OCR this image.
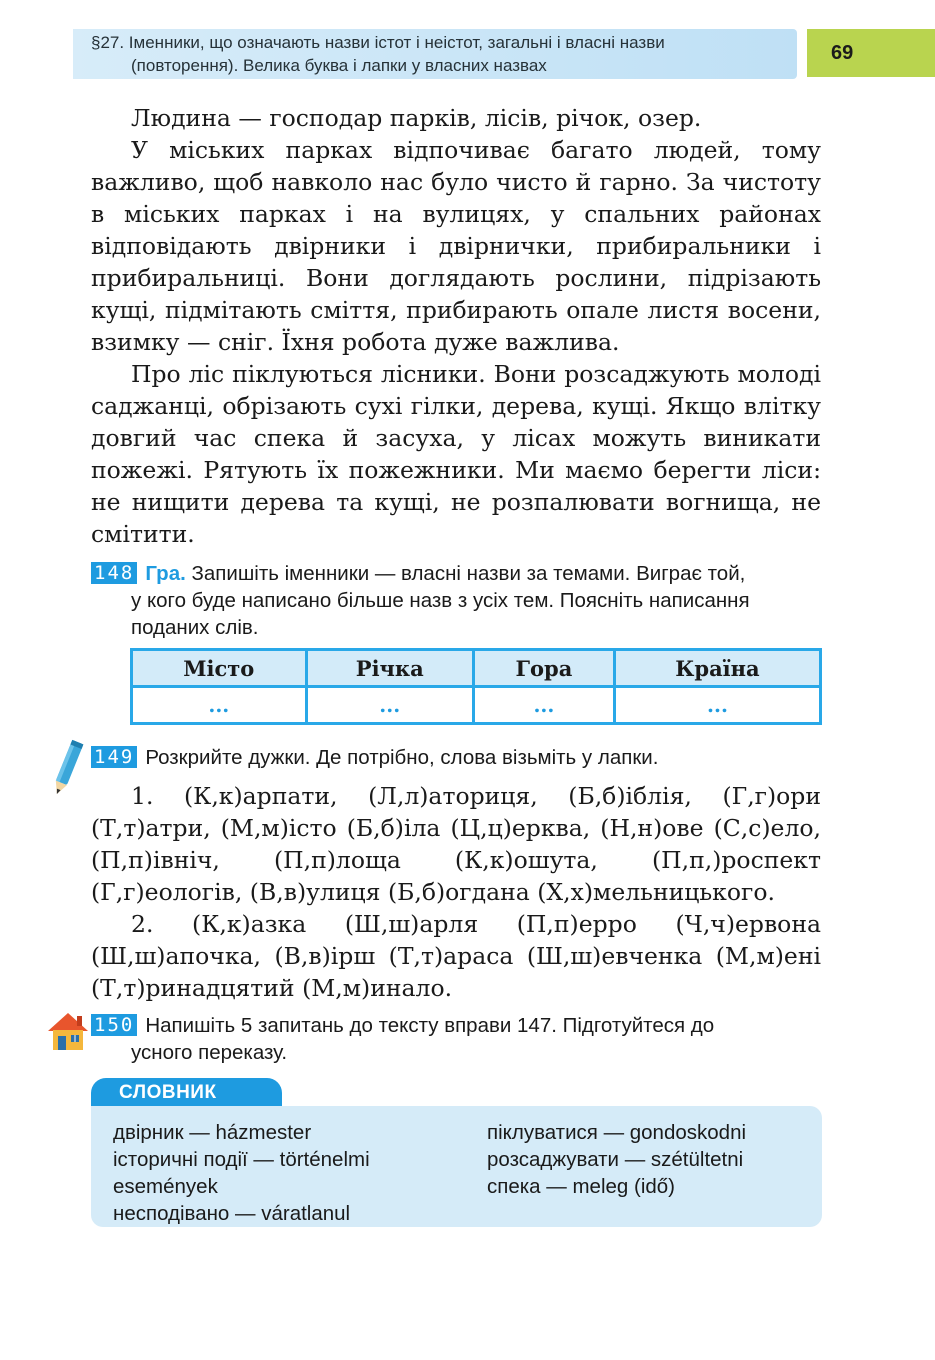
§27. Іменники, що означають назви істот і неістот, загальні і власні назви
(повторення). Велика буква і лапки у власних назвах
69

Людина — господар парків, лісів, річок, озер.

У міських парках відпочиває багато людей, тому важливо, щоб навколо нас було чисто й гарно. За чистоту в міських парках і на вулицях, у спальних районах відповідають двірники і двірнички, прибиральники і прибиральниці. Вони доглядають рослини, підрізають кущі, підмітають сміття, прибирають опале листя восени, взимку — сніг. Їхня робота дуже важлива.

Про ліс піклуються лісники. Вони розсаджують молоді саджанці, обрізають сухі гілки, дерева, кущі. Якщо влітку довгий час спека й засуха, у лісах можуть виникати пожежі. Рятують їх пожежники. Ми маємо берегти ліси: не нищити дерева та кущі, не розпалювати вогнища, не смітити.

148 Гра. Запишіть іменники — власні назви за темами. Виграє той,
у кого буде написано більше назв з усіх тем. Поясніть написання поданих слів.
Місто	Річка	Гора	Країна
...	...	...	...
149 Розкрийте дужки. Де потрібно, слова візьміть у лапки.

1. (К,к)арпати, (Л,л)аториця, (Б,б)іблія, (Г,г)ори (Т,т)атри, (М,м)істо (Б,б)іла (Ц,ц)ерква, (Н,н)ове (С,с)ело, (П,п)івніч, (П,п)лоща (К,к)ошута, (П,п,)роспект (Г,г)еологів, (В,в)улиця (Б,б)огдана (Х,х)мельницького.

2. (К,к)азка (Ш,ш)арля (П,п)ерро (Ч,ч)ервона (Ш,ш)апочка, (В,в)ірш (Т,т)араса (Ш,ш)евченка (М,м)ені (Т,т)ринадцятий (М,м)инало.

150 Напишіть 5 запитань до тексту вправи 147. Підготуйтеся до
усного переказу.
СЛОВНИК
двірник — házmester
історичні події — történelmi
események
несподівано — váratlanul
піклуватися — gondoskodni
розсаджувати — szétültetni
спека — meleg (idő)
